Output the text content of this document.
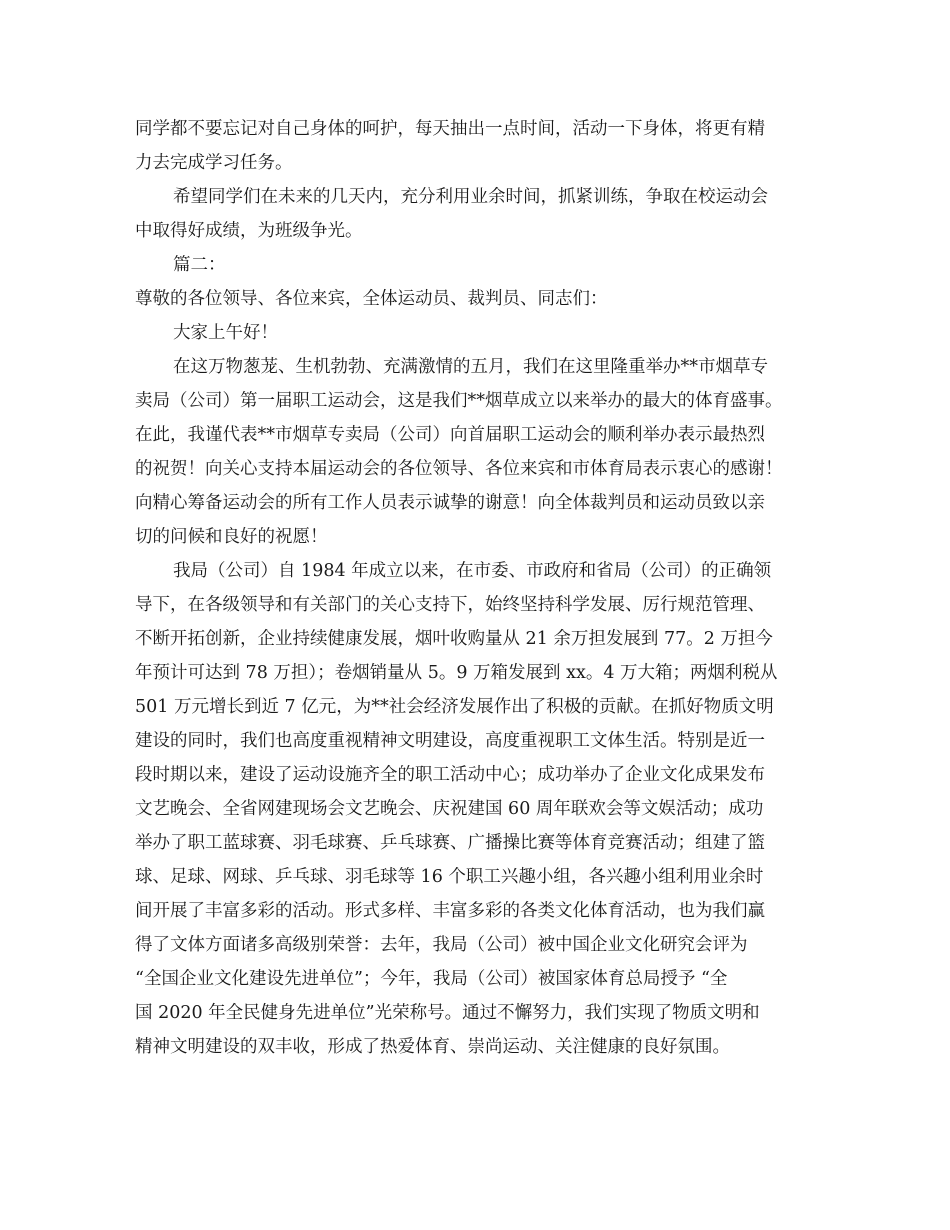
同学都不要忘记对自己身体的呵护，每天抽出一点时间，活动一下身体，将更有精
力去完成学习任务。
希望同学们在未来的几天内，充分利用业余时间，抓紧训练，争取在校运动会
中取得好成绩，为班级争光。
篇二：
尊敬的各位领导、各位来宾，全体运动员、裁判员、同志们：
大家上午好！
在这万物葱茏、生机勃勃、充满激情的五月，我们在这里隆重举办**市烟草专
卖局（公司）第一届职工运动会，这是我们**烟草成立以来举办的最大的体育盛事。
在此，我谨代表**市烟草专卖局（公司）向首届职工运动会的顺利举办表示最热烈
的祝贺！向关心支持本届运动会的各位领导、各位来宾和市体育局表示衷心的感谢！
向精心筹备运动会的所有工作人员表示诚挚的谢意！向全体裁判员和运动员致以亲
切的问候和良好的祝愿！
我局（公司）自 1984 年成立以来，在市委、市政府和省局（公司）的正确领
导下，在各级领导和有关部门的关心支持下，始终坚持科学发展、厉行规范管理、
不断开拓创新，企业持续健康发展，烟叶收购量从 21 余万担发展到 77。2 万担今
年预计可达到 78 万担）；卷烟销量从 5。9 万箱发展到 xx。4 万大箱；两烟利税从
501 万元增长到近 7 亿元，为**社会经济发展作出了积极的贡献。在抓好物质文明
建设的同时，我们也高度重视精神文明建设，高度重视职工文体生活。特别是近一
段时期以来，建设了运动设施齐全的职工活动中心；成功举办了企业文化成果发布
文艺晚会、全省网建现场会文艺晚会、庆祝建国 60 周年联欢会等文娱活动；成功
举办了职工蓝球赛、羽毛球赛、乒乓球赛、广播操比赛等体育竞赛活动；组建了篮
球、足球、网球、乒乓球、羽毛球等 16 个职工兴趣小组，各兴趣小组利用业余时
间开展了丰富多彩的活动。形式多样、丰富多彩的各类文化体育活动，也为我们赢
得了文体方面诸多高级别荣誉：去年，我局（公司）被中国企业文化研究会评为
“全国企业文化建设先进单位”；今年，我局（公司）被国家体育总局授予 “全
国 2020 年全民健身先进单位”光荣称号。通过不懈努力，我们实现了物质文明和
精神文明建设的双丰收，形成了热爱体育、崇尚运动、关注健康的良好氛围。
